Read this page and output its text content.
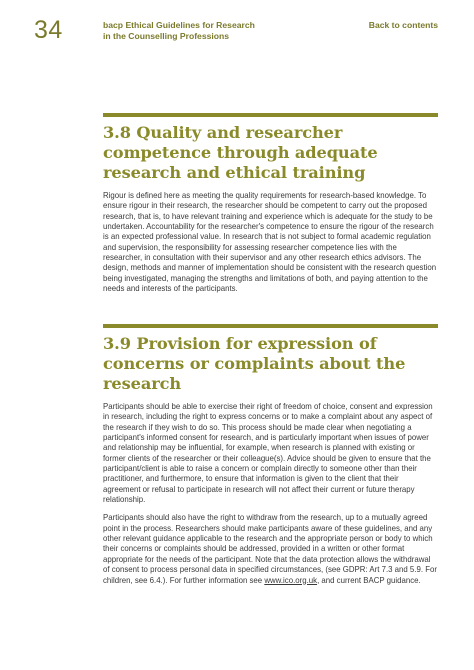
34	bacp Ethical Guidelines for Research
in the Counselling Professions
Back to contents
3.8 Quality and researcher competence through adequate research and ethical training

Rigour is defined here as meeting the quality requirements for research-based knowledge. To ensure rigour in their research, the researcher should be competent to carry out the proposed research, that is, to have relevant training and experience which is adequate for the study to be undertaken. Accountability for the researcher's competence to ensure the rigour of the research is an expected professional value. In research that is not subject to formal academic regulation and supervision, the responsibility for assessing researcher competence lies with the researcher, in consultation with their supervisor and any other research ethics advisors. The design, methods and manner of implementation should be consistent with the research question being investigated, managing the strengths and limitations of both, and paying attention to the needs and interests of the participants.

3.9 Provision for expression of concerns or complaints about the research

Participants should be able to exercise their right of freedom of choice, consent and expression in research, including the right to express concerns or to make a complaint about any aspect of the research if they wish to do so. This process should be made clear when negotiating a participant's informed consent for research, and is particularly important when issues of power and relationship may be influential, for example, when research is planned with existing or former clients of the researcher or their colleague(s). Advice should be given to ensure that the participant/client is able to raise a concern or complain directly to someone other than their practitioner, and furthermore, to ensure that information is given to the client that their agreement or refusal to participate in research will not affect their current or future therapy relationship.

Participants should also have the right to withdraw from the research, up to a mutually agreed point in the process. Researchers should make participants aware of these guidelines, and any other relevant guidance applicable to the research and the appropriate person or body to which their concerns or complaints should be addressed, provided in a written or other format appropriate for the needs of the participant. Note that the data protection allows the withdrawal of consent to process personal data in specified circumstances, (see GDPR: Art 7.3 and 5.9. For children, see 6.4.). For further information see www.ico.org.uk, and current BACP guidance.
